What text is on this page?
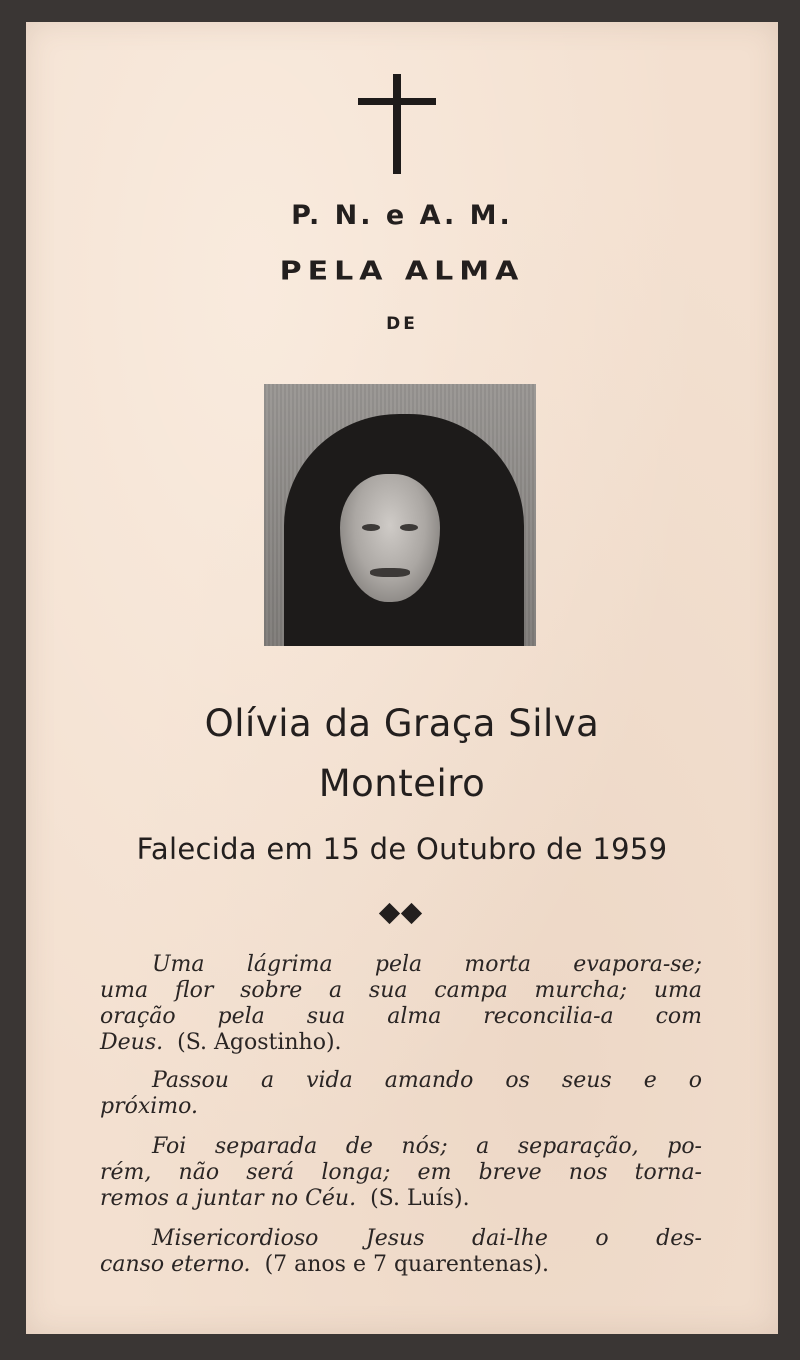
P. N. e A. M.
PELA ALMA
DE
Olívia da Graça Silva
Monteiro
Falecida em 15 de Outubro de 1959
Uma lágrima pela morta evapora-se;
uma flor sobre a sua campa murcha; uma
oração pela sua alma reconcilia-a com
Deus. (S. Agostinho).
Passou a vida amando os seus e o
próximo.
Foi separada de nós; a separação, po-
rém, não será longa; em breve nos torna-
remos a juntar no Céu. (S. Luís).
Misericordioso Jesus dai-lhe o des-
canso eterno. (7 anos e 7 quarentenas).
